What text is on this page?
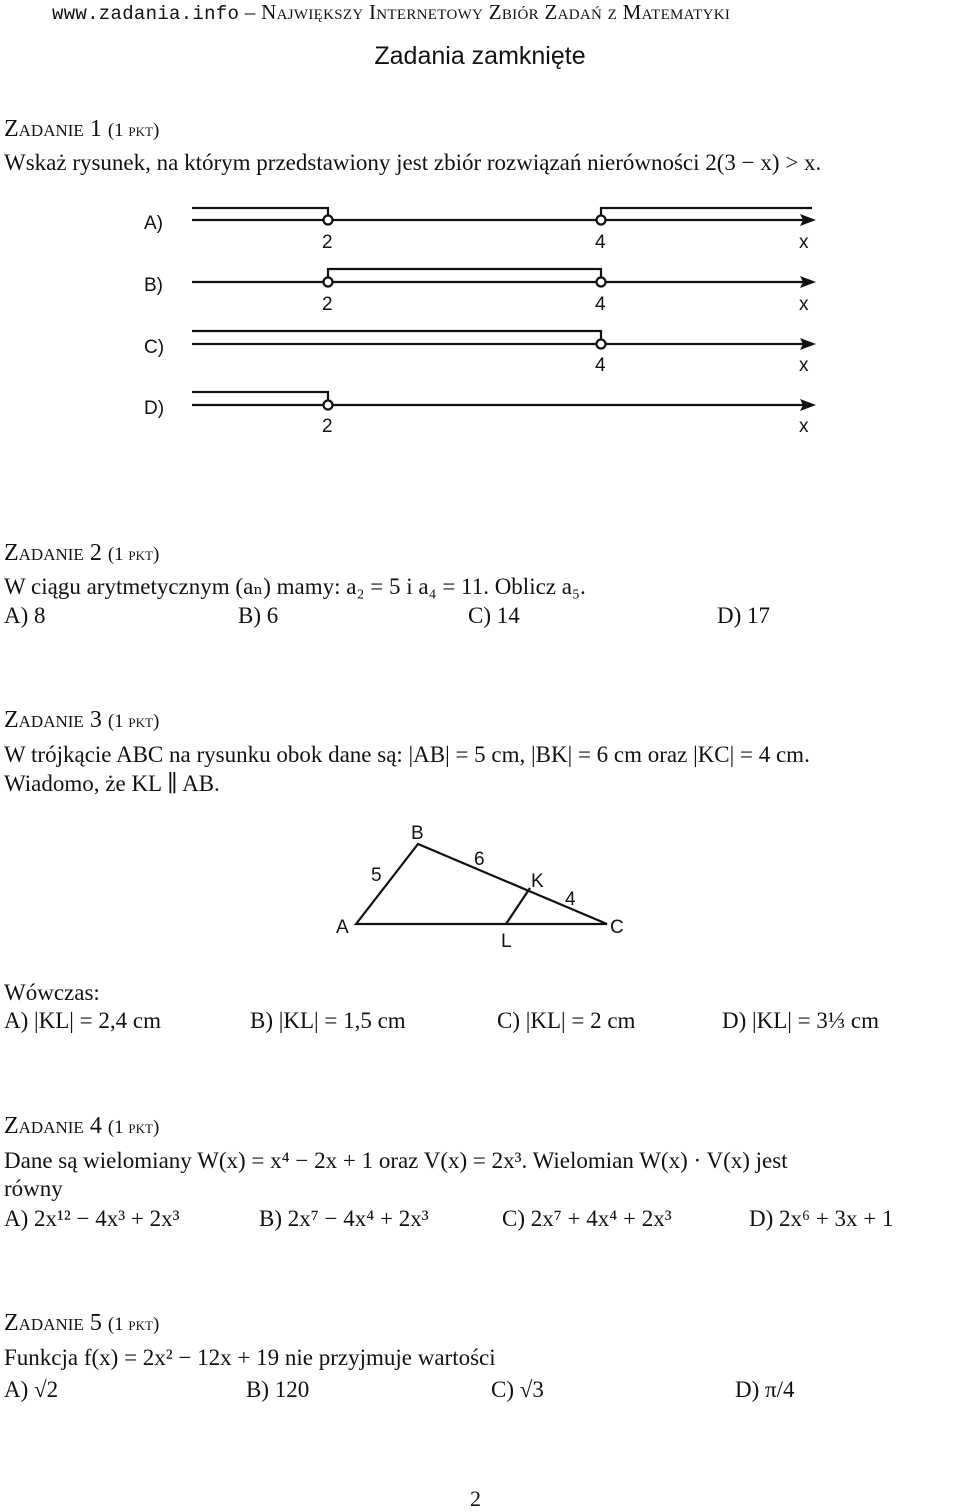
www.zadania.info – Największy Internetowy Zbiór Zadań z Matematyki
Zadania zamknięte
Zadanie 1 (1 pkt)
Wskaż rysunek, na którym przedstawiony jest zbiór rozwiązań nierówności 2(3 − x) > x.
A)
2	4	x
B)
2	4	x
C)
4	x
D)
2	x
Zadanie 2 (1 pkt)
W ciągu arytmetycznym (aₙ) mamy: a₂ = 5 i a₄ = 11. Oblicz a₅.
A) 8	B) 6	C) 14	D) 17
Zadanie 3 (1 pkt)
W trójkącie ABC na rysunku obok dane są: |AB| = 5 cm, |BK| = 6 cm oraz |KC| = 4 cm.
Wiadomo, że KL ∥ AB.
A
B
C
K
L
5
6
4
Wówczas:
A) |KL| = 2,4 cm	B) |KL| = 1,5 cm	C) |KL| = 2 cm	D) |KL| = 3⅓ cm
Zadanie 4 (1 pkt)
Dane są wielomiany W(x) = x⁴ − 2x + 1 oraz V(x) = 2x³. Wielomian W(x) · V(x) jest
równy
A) 2x¹² − 4x³ + 2x³	B) 2x⁷ − 4x⁴ + 2x³	C) 2x⁷ + 4x⁴ + 2x³	D) 2x⁶ + 3x + 1
Zadanie 5 (1 pkt)
Funkcja f(x) = 2x² − 12x + 19 nie przyjmuje wartości
A) √2	B) 120	C) √3	D) π/4
2
